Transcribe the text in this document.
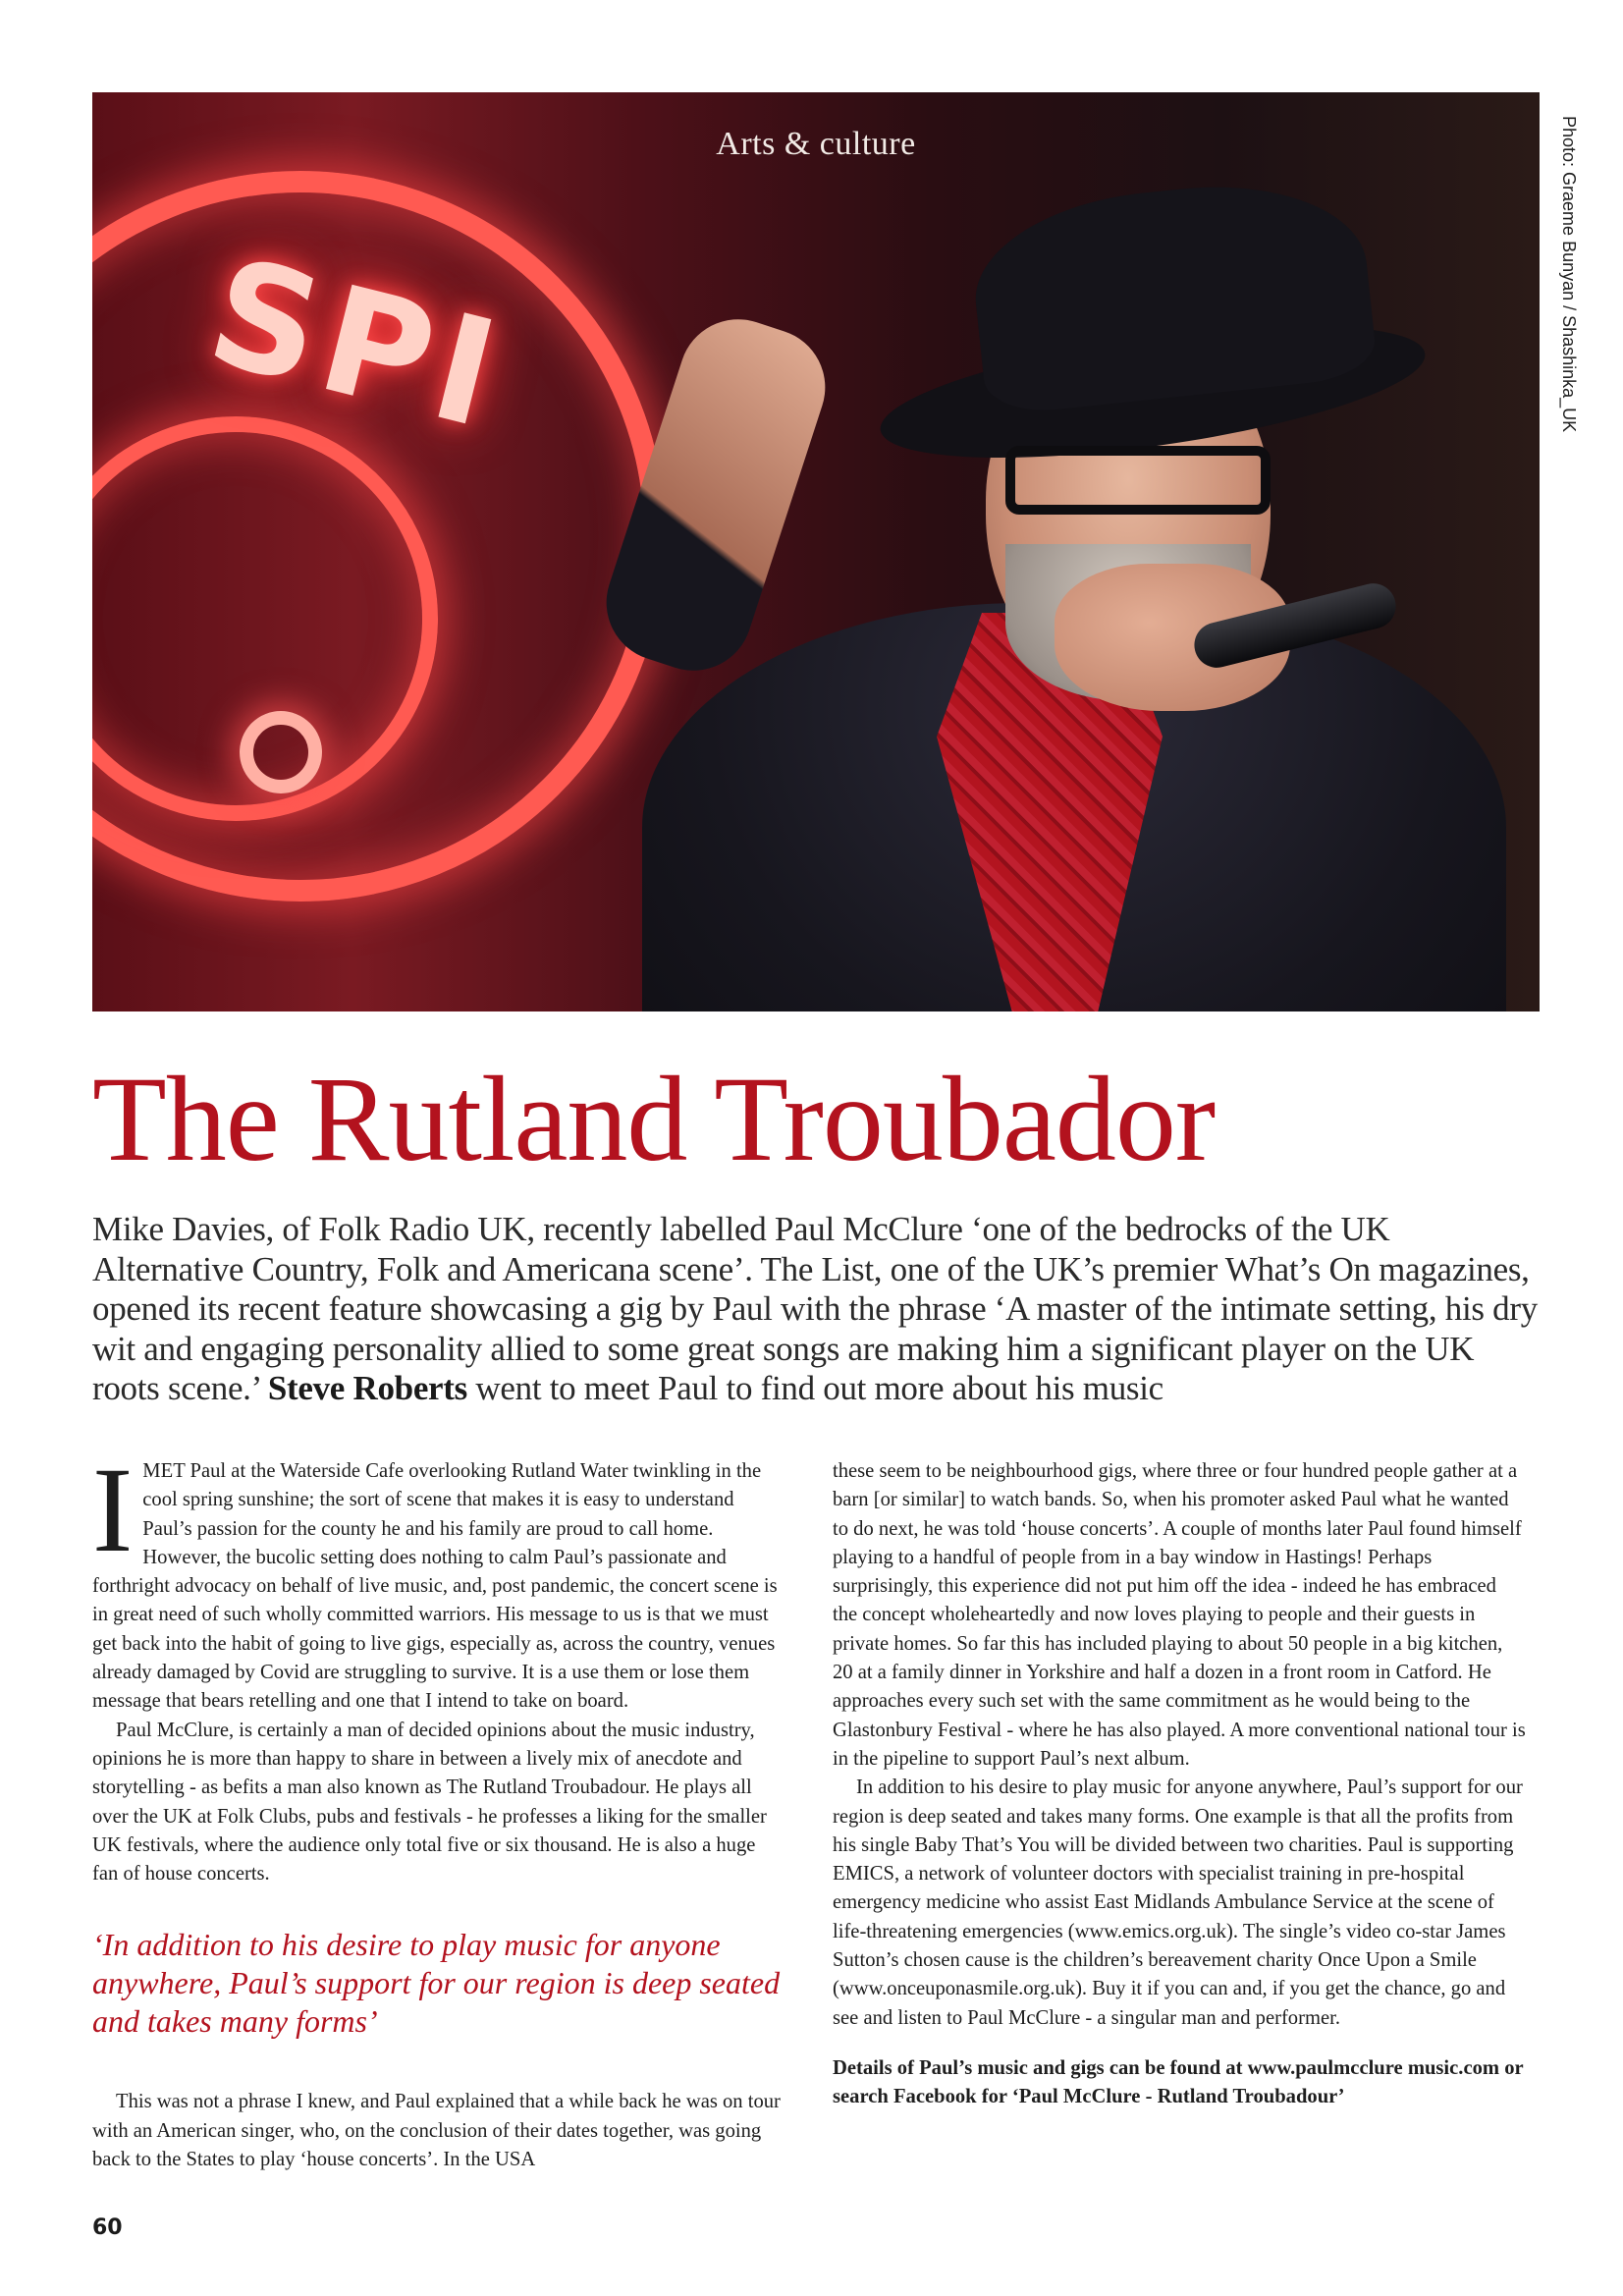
SPI
Arts & culture	Photo: Graeme Bunyan / Shashinka_UK
The Rutland Troubador

Mike Davies, of Folk Radio UK, recently labelled Paul McClure ‘one of the bedrocks of the UK Alternative Country, Folk and Americana scene’. The List, one of the UK’s premier What’s On magazines, opened its recent feature showcasing a gig by Paul with the phrase ‘A master of the intimate setting, his dry wit and engaging personality allied to some great songs are making him a significant player on the UK roots scene.’ Steve Roberts went to meet Paul to find out more about his music

IMET Paul at the Waterside Cafe overlooking Rutland Water twinkling in the cool spring sunshine; the sort of scene that makes it is easy to understand Paul’s passion for the county he and his family are proud to call home. However, the bucolic setting does nothing to calm Paul’s passionate and forthright advocacy on behalf of live music, and, post pandemic, the concert scene is in great need of such wholly committed warriors. His message to us is that we must get back into the habit of going to live gigs, especially as, across the country, venues already damaged by Covid are struggling to survive. It is a use them or lose them message that bears retelling and one that I intend to take on board.

Paul McClure, is certainly a man of decided opinions about the music industry, opinions he is more than happy to share in between a lively mix of anecdote and storytelling - as befits a man also known as The Rutland Troubadour. He plays all over the UK at Folk Clubs, pubs and festivals - he professes a liking for the smaller UK festivals, where the audience only total five or six thousand. He is also a huge fan of house concerts.

‘In addition to his desire to play music for anyone anywhere, Paul’s support for our region is deep seated and takes many forms’

This was not a phrase I knew, and Paul explained that a while back he was on tour with an American singer, who, on the conclusion of their dates together, was going back to the States to play ‘house concerts’. In the USA

these seem to be neighbourhood gigs, where three or four hundred people gather at a barn [or similar] to watch bands. So, when his promoter asked Paul what he wanted to do next, he was told ‘house concerts’. A couple of months later Paul found himself playing to a handful of people from in a bay window in Hastings! Perhaps surprisingly, this experience did not put him off the idea - indeed he has embraced the concept wholeheartedly and now loves playing to people and their guests in private homes. So far this has included playing to about 50 people in a big kitchen, 20 at a family dinner in Yorkshire and half a dozen in a front room in Catford. He approaches every such set with the same commitment as he would being to the Glastonbury Festival - where he has also played. A more conventional national tour is in the pipeline to support Paul’s next album.

In addition to his desire to play music for anyone anywhere, Paul’s support for our region is deep seated and takes many forms. One example is that all the profits from his single Baby That’s You will be divided between two charities. Paul is supporting EMICS, a network of volunteer doctors with specialist training in pre-hospital emergency medicine who assist East Midlands Ambulance Service at the scene of life-threatening emergencies (www.emics.org.uk). The single’s video co-star James Sutton’s chosen cause is the children’s bereavement charity Once Upon a Smile (www.onceuponasmile.org.uk). Buy it if you can and, if you get the chance, go and see and listen to Paul McClure - a singular man and performer.

Details of Paul’s music and gigs can be found at www.paulmcclure music.com or search Facebook for ‘Paul McClure - Rutland Troubadour’

60
